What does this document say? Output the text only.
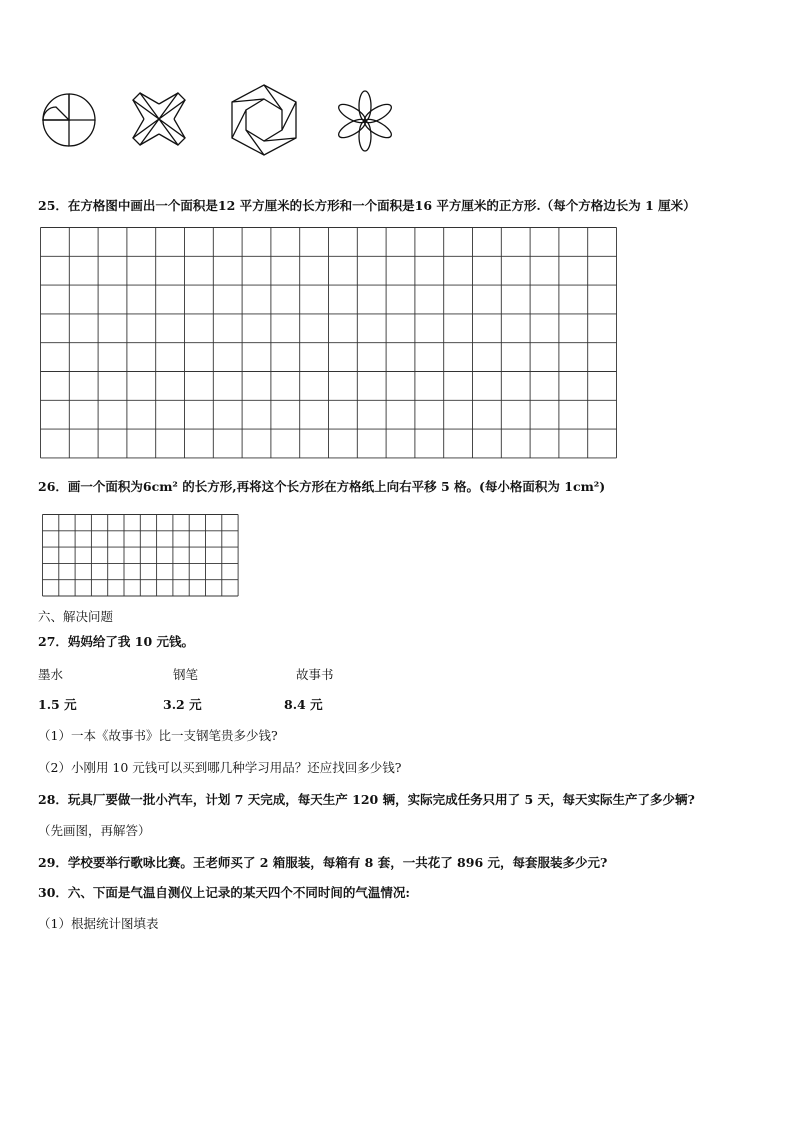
25．在方格图中画出一个面积是12 平方厘米的长方形和一个面积是16 平方厘米的正方形.（每个方格边长为 1 厘米）
26．画一个面积为6cm² 的长方形,再将这个长方形在方格纸上向右平移 5 格。(每小格面积为 1cm²)
六、解决问题
27．妈妈给了我 10 元钱。
墨水	钢笔	故事书
1.5 元	3.2 元	8.4 元
（1）一本《故事书》比一支钢笔贵多少钱?
（2）小刚用 10 元钱可以买到哪几种学习用品？还应找回多少钱?
28．玩具厂要做一批小汽车，计划 7 天完成，每天生产 120 辆，实际完成任务只用了 5 天，每天实际生产了多少辆?
（先画图，再解答）
29．学校要举行歌咏比赛。王老师买了 2 箱服装，每箱有 8 套，一共花了 896 元，每套服装多少元?
30．六、下面是气温自测仪上记录的某天四个不同时间的气温情况:
（1）根据统计图填表
